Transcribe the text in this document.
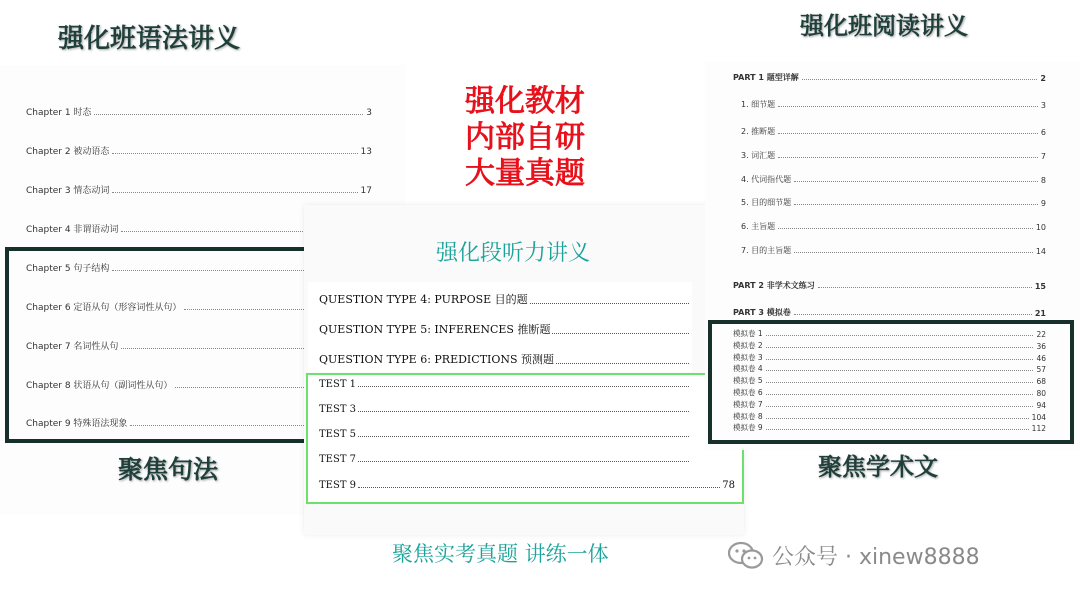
强化班语法讲义
Chapter 1 时态	3
Chapter 2 被动语态	13
Chapter 3 情态动词	17
Chapter 4 非谓语动词
Chapter 5 句子结构
Chapter 6 定语从句（形容词性从句）
Chapter 7 名词性从句
Chapter 8 状语从句（副词性从句）
Chapter 9 特殊语法现象
聚焦句法
强化教材
内部自研
大量真题
强化段听力讲义
QUESTION TYPE 4: PURPOSE 目的题
QUESTION TYPE 5: INFERENCES 推断题
QUESTION TYPE 6: PREDICTIONS 预测题
TEST 1
TEST 3
TEST 5
TEST 7
TEST 9	78
聚焦实考真题 讲练一体
强化班阅读讲义
PART 1 题型详解	2
1. 细节题	3
2. 推断题	6
3. 词汇题	7
4. 代词指代题	8
5. 目的细节题	9
6. 主旨题	10
7. 目的主旨题	14
PART 2 非学术文练习	15
PART 3 模拟卷	21
模拟卷 1	22
模拟卷 2	36
模拟卷 3	46
模拟卷 4	57
模拟卷 5	68
模拟卷 6	80
模拟卷 7	94
模拟卷 8	104
模拟卷 9	112
聚焦学术文
公众号 · xinew8888
